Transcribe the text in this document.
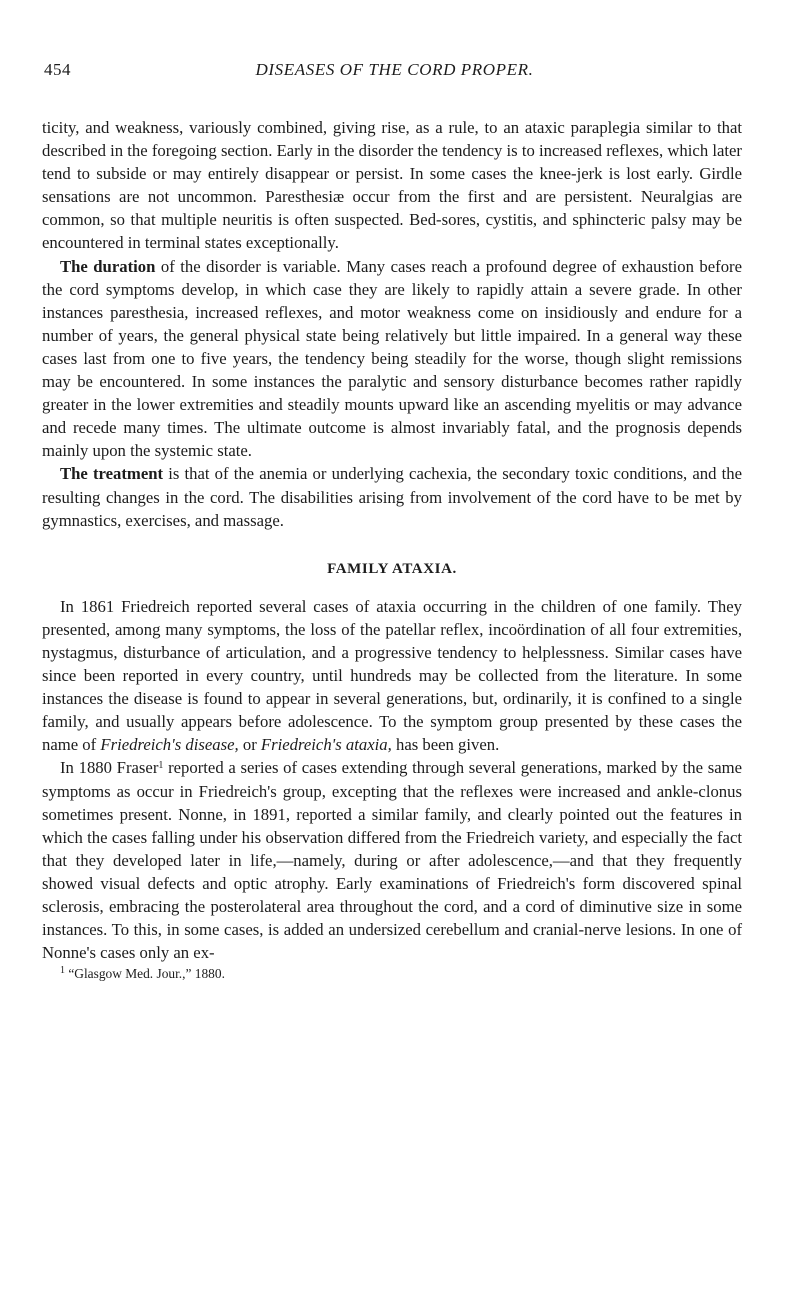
454	DISEASES OF THE CORD PROPER.

ticity, and weakness, variously combined, giving rise, as a rule, to an ataxic paraplegia similar to that described in the foregoing section. Early in the disorder the tendency is to increased reflexes, which later tend to subside or may entirely disappear or persist. In some cases the knee-jerk is lost early. Girdle sensations are not uncommon. Paresthesiæ occur from the first and are persistent. Neuralgias are common, so that multiple neuritis is often suspected. Bed-sores, cystitis, and sphincteric palsy may be encountered in terminal states exceptionally.

The duration of the disorder is variable. Many cases reach a profound degree of exhaustion before the cord symptoms develop, in which case they are likely to rapidly attain a severe grade. In other instances paresthesia, increased reflexes, and motor weakness come on insidiously and endure for a number of years, the general physical state being relatively but little impaired. In a general way these cases last from one to five years, the tendency being steadily for the worse, though slight remissions may be encountered. In some instances the paralytic and sensory disturbance becomes rather rapidly greater in the lower extremities and steadily mounts upward like an ascending myelitis or may advance and recede many times. The ultimate outcome is almost invariably fatal, and the prognosis depends mainly upon the systemic state.

The treatment is that of the anemia or underlying cachexia, the secondary toxic conditions, and the resulting changes in the cord. The disabilities arising from involvement of the cord have to be met by gymnastics, exercises, and massage.

FAMILY ATAXIA.

In 1861 Friedreich reported several cases of ataxia occurring in the children of one family. They presented, among many symptoms, the loss of the patellar reflex, incoördination of all four extremities, nystagmus, disturbance of articulation, and a progressive tendency to helplessness. Similar cases have since been reported in every country, until hundreds may be collected from the literature. In some instances the disease is found to appear in several generations, but, ordinarily, it is confined to a single family, and usually appears before adolescence. To the symptom group presented by these cases the name of Friedreich's disease, or Friedreich's ataxia, has been given.

In 1880 Fraser$^1$ reported a series of cases extending through several generations, marked by the same symptoms as occur in Friedreich's group, excepting that the reflexes were increased and ankle-clonus sometimes present. Nonne, in 1891, reported a similar family, and clearly pointed out the features in which the cases falling under his observation differed from the Friedreich variety, and especially the fact that they developed later in life,—namely, during or after adolescence,—and that they frequently showed visual defects and optic atrophy. Early examinations of Friedreich's form discovered spinal sclerosis, embracing the posterolateral area throughout the cord, and a cord of diminutive size in some instances. To this, in some cases, is added an undersized cerebellum and cranial-nerve lesions. In one of Nonne's cases only an ex-

$^1$ “Glasgow Med. Jour.,” 1880.
